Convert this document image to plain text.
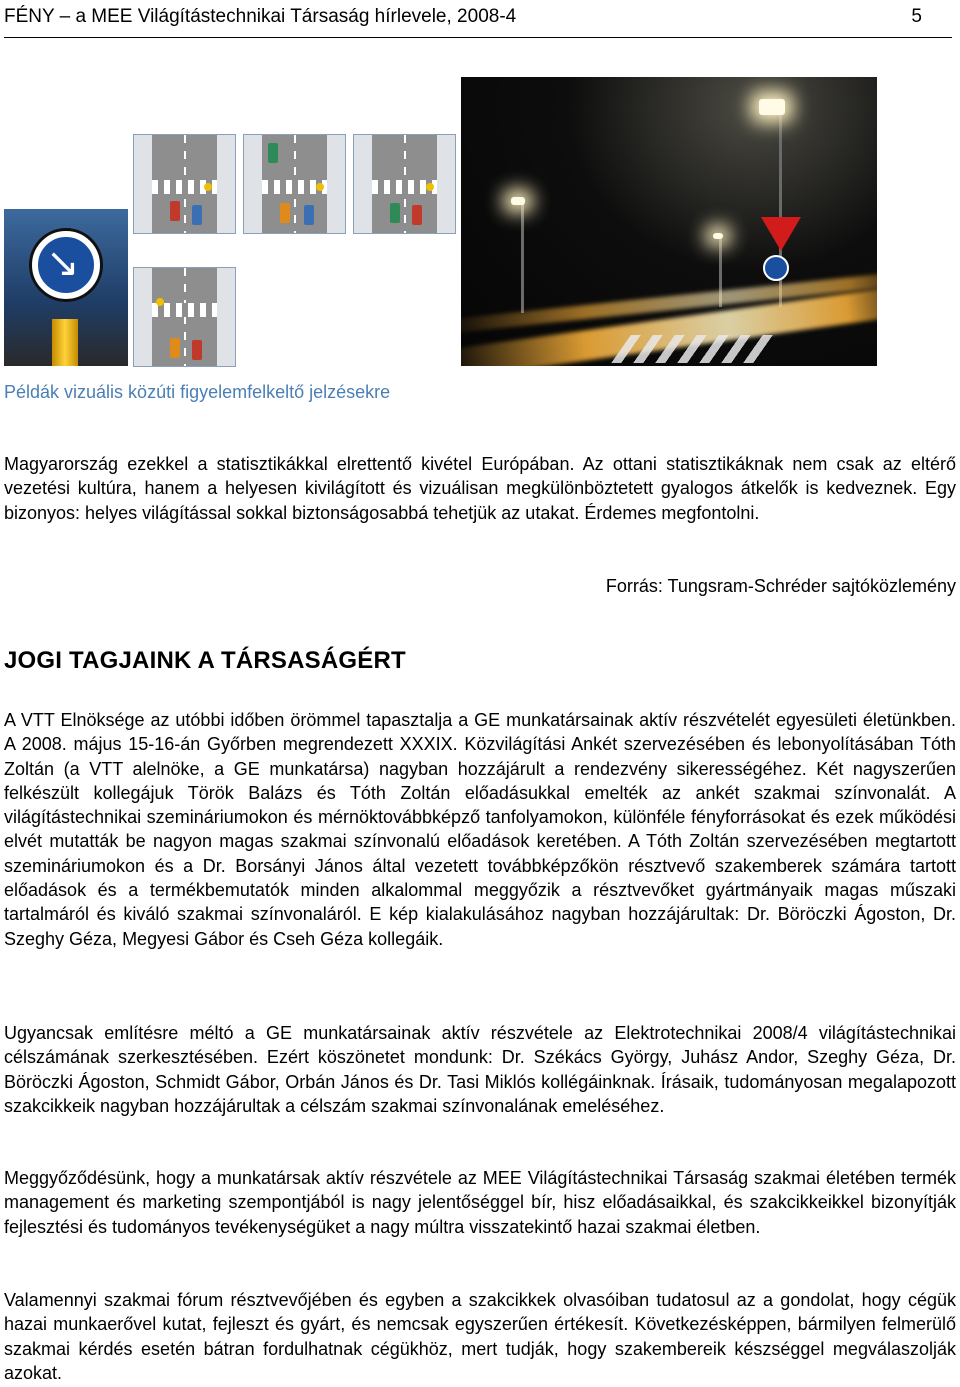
FÉNY – a MEE Világítástechnikai Társaság hírlevele, 2008-4	5
↘
Példák vizuális közúti figyelemfelkeltő jelzésekre

Magyarország ezekkel a statisztikákkal elrettentő kivétel Európában. Az ottani statisztikáknak nem csak az eltérő vezetési kultúra, hanem a helyesen kivilágított és vizuálisan megkülönböztetett gyalogos átkelők is kedveznek. Egy bizonyos: helyes világítással sokkal biztonságosabbá tehetjük az utakat. Érdemes megfontolni.

Forrás: Tungsram-Schréder sajtóközlemény
JOGI TAGJAINK A TÁRSASÁGÉRT

A VTT Elnöksége az utóbbi időben örömmel tapasztalja a GE munkatársainak aktív részvételét egyesületi életünkben. A 2008. május 15-16-án Győrben megrendezett XXXIX. Közvilágítási Ankét szervezésében és lebonyolításában Tóth Zoltán (a VTT alelnöke, a GE munkatársa) nagyban hozzájárult a rendezvény sikerességéhez. Két nagyszerűen felkészült kollegájuk Török Balázs és Tóth Zoltán előadásukkal emelték az ankét szakmai színvonalát. A világítástechnikai szemináriumokon és mérnöktovábbképző tanfolyamokon, különféle fényforrásokat és ezek működési elvét mutatták be nagyon magas szakmai színvonalú előadások keretében. A Tóth Zoltán szervezésében megtartott szemináriumokon és a Dr. Borsányi János által vezetett továbbképzőkön résztvevő szakemberek számára tartott előadások és a termékbemutatók minden alkalommal meggyőzik a résztvevőket gyártmányaik magas műszaki tartalmáról és kiváló szakmai színvonaláról. E kép kialakulásához nagyban hozzájárultak: Dr. Böröczki Ágoston, Dr. Szeghy Géza, Megyesi Gábor és Cseh Géza kollegáik.

Ugyancsak említésre méltó a GE munkatársainak aktív részvétele az Elektrotechnikai 2008/4 világítástechnikai célszámának szerkesztésében. Ezért köszönetet mondunk: Dr. Székács György, Juhász Andor, Szeghy Géza, Dr. Böröczki Ágoston, Schmidt Gábor, Orbán János és Dr. Tasi Miklós kollégáinknak. Írásaik, tudományosan megalapozott szakcikkeik nagyban hozzájárultak a célszám szakmai színvonalának emeléséhez.

Meggyőződésünk, hogy a munkatársak aktív részvétele az MEE Világítástechnikai Társaság szakmai életében termék management és marketing szempontjából is nagy jelentőséggel bír, hisz előadásaikkal, és szakcikkeikkel bizonyítják fejlesztési és tudományos tevékenységüket a nagy múltra visszatekintő hazai szakmai életben.

Valamennyi szakmai fórum résztvevőjében és egyben a szakcikkek olvasóiban tudatosul az a gondolat, hogy cégük hazai munkaerővel kutat, fejleszt és gyárt, és nemcsak egyszerűen értékesít. Következésképpen, bármilyen felmerülő szakmai kérdés esetén bátran fordulhatnak cégükhöz, mert tudják, hogy szakembereik készséggel megválaszolják azokat.
